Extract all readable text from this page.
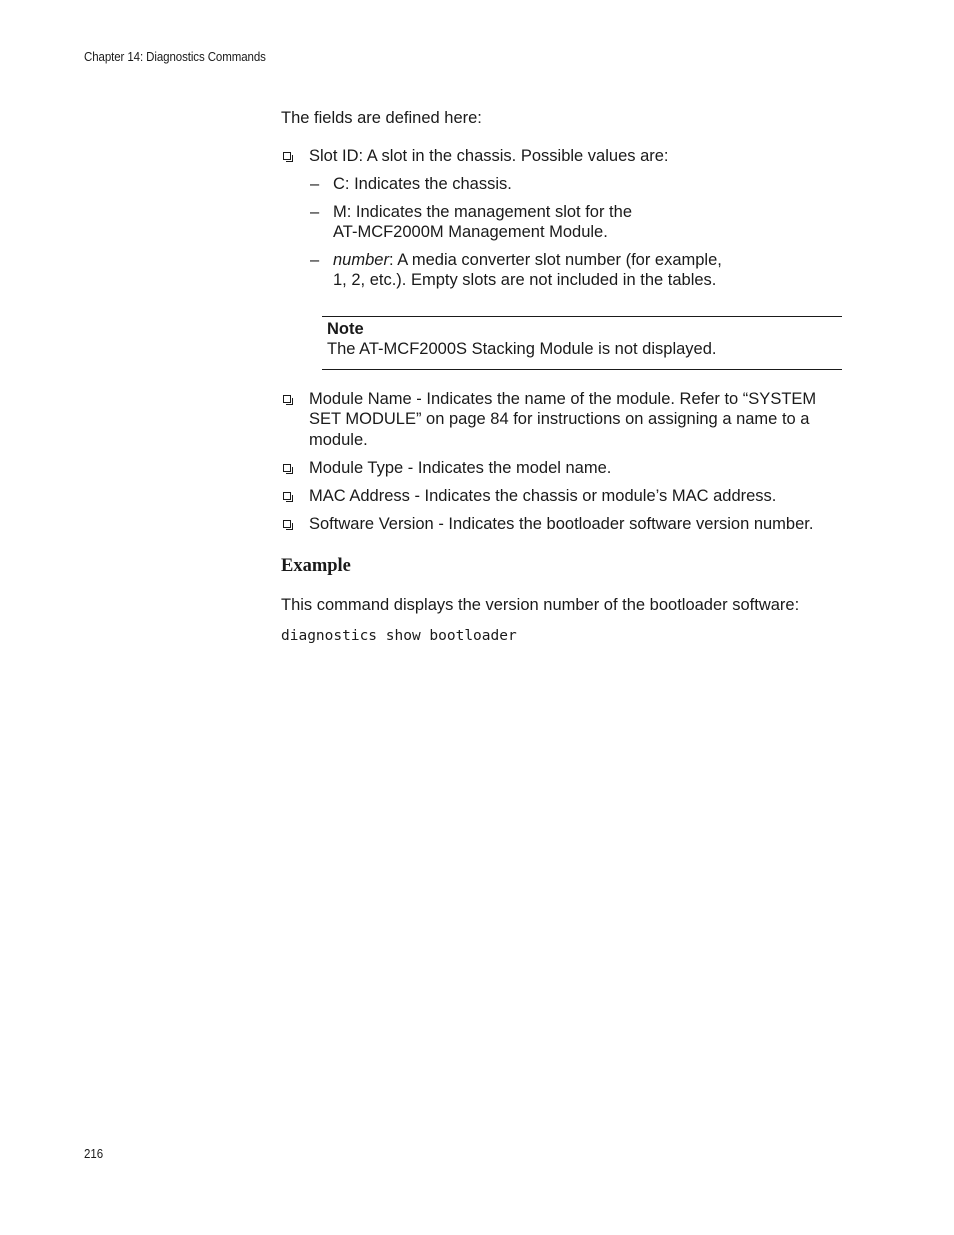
Chapter 14: Diagnostics Commands
The fields are defined here:
Slot ID: A slot in the chassis. Possible values are:
– C: Indicates the chassis.
– M: Indicates the management slot for the
AT-MCF2000M Management Module.
– number: A media converter slot number (for example,
1, 2, etc.). Empty slots are not included in the tables.
Note
The AT-MCF2000S Stacking Module is not displayed.
Module Name - Indicates the name of the module. Refer to “SYSTEM
SET MODULE” on page 84 for instructions on assigning a name to a
module.
Module Type - Indicates the model name.
MAC Address - Indicates the chassis or module’s MAC address.
Software Version - Indicates the bootloader software version number.
Example
This command displays the version number of the bootloader software:
diagnostics show bootloader
216
